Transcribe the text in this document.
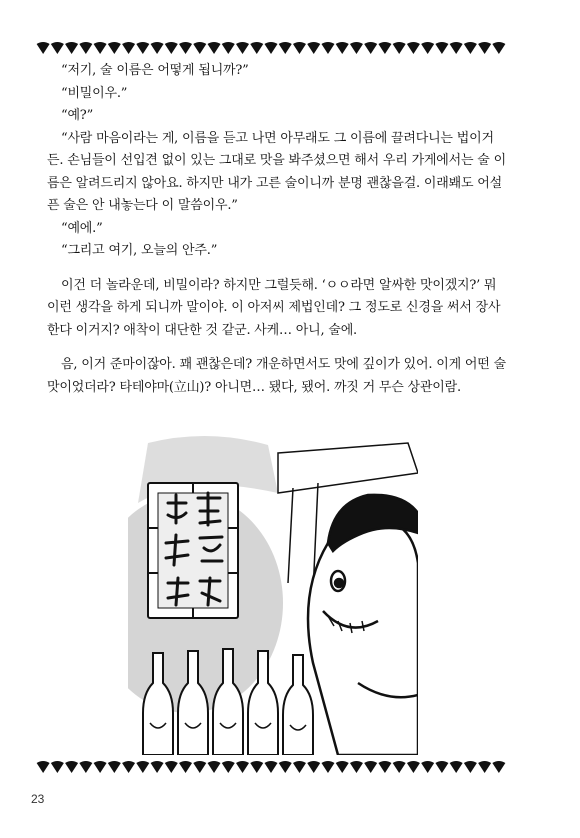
“저기, 술 이름은 어떻게 됩니까?”

“비밀이우.”

“예?”

“사람 마음이라는 게, 이름을 듣고 나면 아무래도 그 이름에 끌려다니는 법이거든. 손님들이 선입견 없이 있는 그대로 맛을 봐주셨으면 해서 우리 가게에서는 술 이름은 알려드리지 않아요. 하지만 내가 고른 술이니까 분명 괜찮을걸. 이래봬도 어설픈 술은 안 내놓는다 이 말씀이우.”

“예에.”

“그리고 여기, 오늘의 안주.”

이건 더 놀라운데, 비밀이라? 하지만 그럴듯해. ‘ㅇㅇ라면 알싸한 맛이겠지?’ 뭐 이런 생각을 하게 되니까 말이야. 이 아저씨 제법인데? 그 정도로 신경을 써서 장사한다 이거지? 애착이 대단한 것 같군. 사케… 아니, 술에.

음, 이거 준마이잖아. 꽤 괜찮은데? 개운하면서도 맛에 깊이가 있어. 이게 어떤 술 맛이었더라? 타테야마(立山)? 아니면… 됐다, 됐어. 까짓 거 무슨 상관이람.

23
